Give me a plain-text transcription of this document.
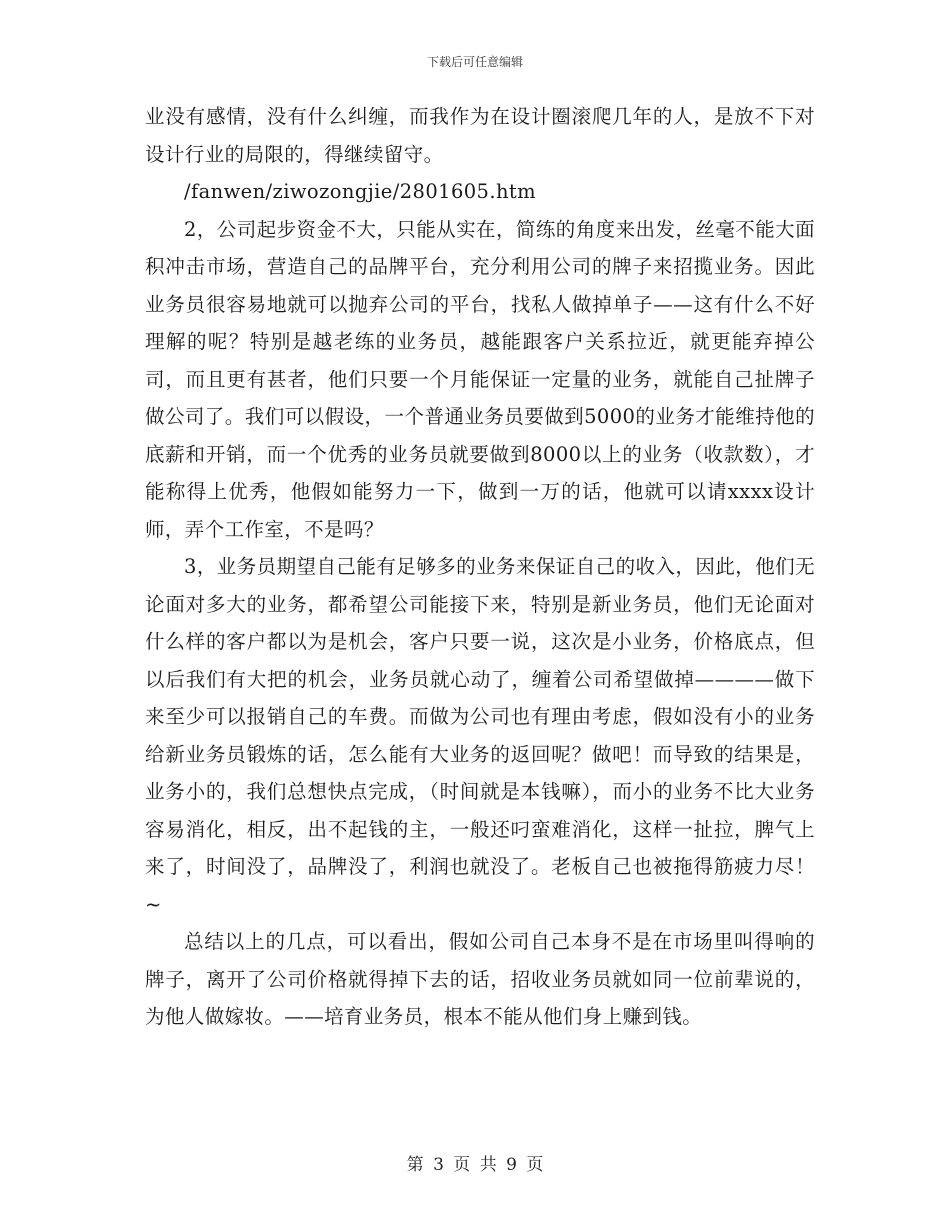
下载后可任意编辑

业没有感情，没有什么纠缠，而我作为在设计圈滚爬几年的人，是放不下对设计行业的局限的，得继续留守。

/fanwen/ziwozongjie/2801605.htm

2，公司起步资金不大，只能从实在，简练的角度来出发，丝毫不能大面积冲击市场，营造自己的品牌平台，充分利用公司的牌子来招揽业务。因此业务员很容易地就可以抛弃公司的平台，找私人做掉单子——这有什么不好理解的呢？特别是越老练的业务员，越能跟客户关系拉近，就更能弃掉公司，而且更有甚者，他们只要一个月能保证一定量的业务，就能自己扯牌子做公司了。我们可以假设，一个普通业务员要做到5000的业务才能维持他的底薪和开销，而一个优秀的业务员就要做到8000以上的业务（收款数），才能称得上优秀，他假如能努力一下，做到一万的话，他就可以请xxxx设计师，弄个工作室，不是吗？

3，业务员期望自己能有足够多的业务来保证自己的收入，因此，他们无论面对多大的业务，都希望公司能接下来，特别是新业务员，他们无论面对什么样的客户都以为是机会，客户只要一说，这次是小业务，价格底点，但以后我们有大把的机会，业务员就心动了，缠着公司希望做掉————做下来至少可以报销自己的车费。而做为公司也有理由考虑，假如没有小的业务给新业务员锻炼的话，怎么能有大业务的返回呢？做吧！而导致的结果是，业务小的，我们总想快点完成，（时间就是本钱嘛），而小的业务不比大业务容易消化，相反，出不起钱的主，一般还叼蛮难消化，这样一扯拉，脾气上来了，时间没了，品牌没了，利润也就没了。老板自己也被拖得筋疲力尽！~

总结以上的几点，可以看出，假如公司自己本身不是在市场里叫得响的牌子，离开了公司价格就得掉下去的话，招收业务员就如同一位前辈说的，为他人做嫁妆。——培育业务员，根本不能从他们身上赚到钱。

第 3 页 共 9 页
